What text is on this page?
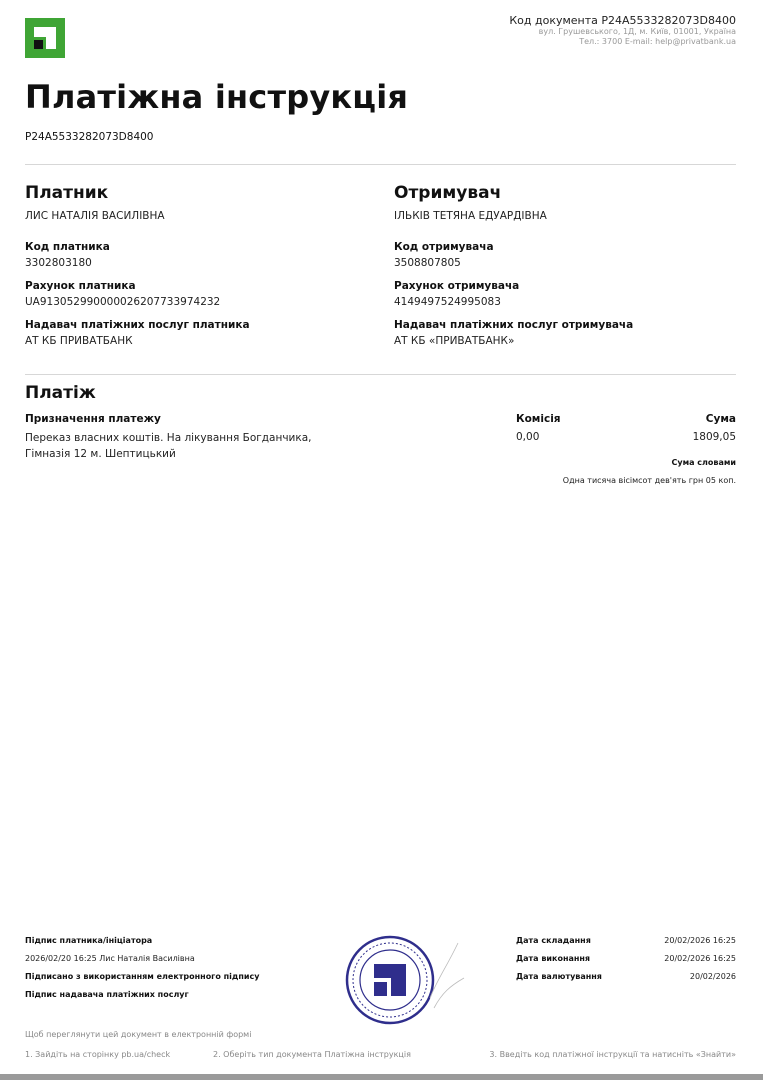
Код документа P24A5533282073D8400
вул. Грушевського, 1Д, м. Київ, 01001, Україна
Тел.: 3700 E-mail: help@privatbank.ua
Платіжна інструкція
P24A5533282073D8400
Платник
ЛИС НАТАЛІЯ ВАСИЛІВНА
Код платника
3302803180
Рахунок платника
UA913052990000026207733974232
Надавач платіжних послуг платника
АТ КБ ПРИВАТБАНК
Отримувач
ІЛЬКІВ ТЕТЯНА ЕДУАРДІВНА
Код отримувача
3508807805
Рахунок отримувача
4149497524995083
Надавач платіжних послуг отримувача
АТ КБ «ПРИВАТБАНК»
Платіж
Призначення платежу
Переказ власних коштів. На лікування Богданчика,
Гімназія 12 м. Шептицький
Комісія
0,00
Сума
1809,05
Сума словами
Одна тисяча вісімсот дев'ять грн 05 коп.
Підпис платника/ініціатора
2026/02/20 16:25 Лис Наталія Василівна
Підписано з використанням електронного підпису
Підпис надавача платіжних послуг
Дата складання	20/02/2026 16:25
Дата виконання	20/02/2026 16:25
Дата валютування	20/02/2026
Щоб переглянути цей документ в електронній формі
1. Зайдіть на сторінку pb.ua/check	2. Оберіть тип документа Платіжна інструкція	3. Введіть код платіжної інструкції та натисніть «Знайти»
